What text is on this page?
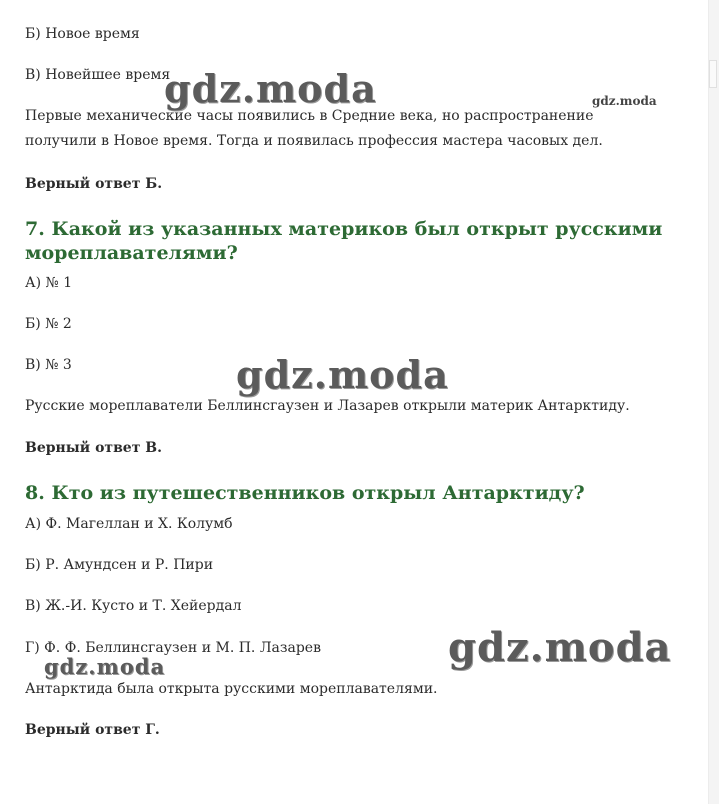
Б) Новое время

В) Новейшее время

Первые механические часы появились в Средние века, но распространение получили в Новое время. Тогда и появилась профессия мастера часовых дел.

Верный ответ Б.

7. Какой из указанных материков был открыт русскими мореплавателями?

А) № 1

Б) № 2

В) № 3

Русские мореплаватели Беллинсгаузен и Лазарев открыли материк Антарктиду.

Верный ответ В.

8. Кто из путешественников открыл Антарктиду?

А) Ф. Магеллан и Х. Колумб

Б) Р. Амундсен и Р. Пири

В) Ж.-И. Кусто и Т. Хейердал

Г) Ф. Ф. Беллинсгаузен и М. П. Лазарев

Антарктида была открыта русскими мореплавателями.

Верный ответ Г.

gdz.moda	gdz.moda
gdz.moda
gdz.moda
gdz.moda
